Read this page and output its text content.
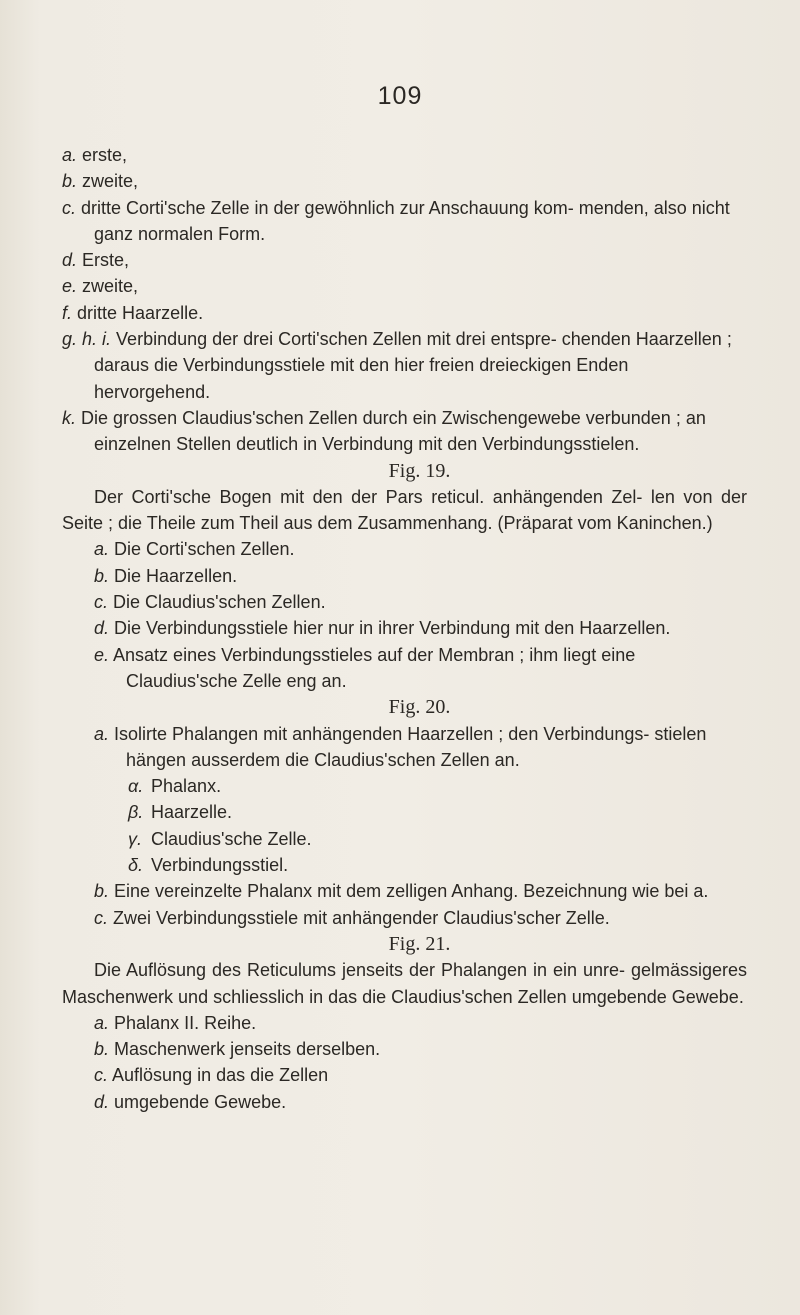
109

a. erste,

b. zweite,

c. dritte Corti'sche Zelle in der gewöhnlich zur Anschauung kom- menden, also nicht ganz normalen Form.

d. Erste,

e. zweite,

f. dritte Haarzelle.

g. h. i. Verbindung der drei Corti'schen Zellen mit drei entspre- chenden Haarzellen ; daraus die Verbindungsstiele mit den hier freien dreieckigen Enden hervorgehend.

k. Die grossen Claudius'schen Zellen durch ein Zwischengewebe verbunden ; an einzelnen Stellen deutlich in Verbindung mit den Verbindungsstielen.

Fig. 19.

Der Corti'sche Bogen mit den der Pars reticul. anhängenden Zel- len von der Seite ; die Theile zum Theil aus dem Zusammenhang. (Präparat vom Kaninchen.)

a. Die Corti'schen Zellen.

b. Die Haarzellen.

c. Die Claudius'schen Zellen.

d. Die Verbindungsstiele hier nur in ihrer Verbindung mit den Haarzellen.

e. Ansatz eines Verbindungsstieles auf der Membran ; ihm liegt eine Claudius'sche Zelle eng an.

Fig. 20.

a. Isolirte Phalangen mit anhängenden Haarzellen ; den Verbindungs- stielen hängen ausserdem die Claudius'schen Zellen an.

α. Phalanx.

β. Haarzelle.

γ. Claudius'sche Zelle.

δ. Verbindungsstiel.

b. Eine vereinzelte Phalanx mit dem zelligen Anhang. Bezeichnung wie bei a.

c. Zwei Verbindungsstiele mit anhängender Claudius'scher Zelle.

Fig. 21.

Die Auflösung des Reticulums jenseits der Phalangen in ein unre- gelmässigeres Maschenwerk und schliesslich in das die Claudius'schen Zellen umgebende Gewebe.

a. Phalanx II. Reihe.

b. Maschenwerk jenseits derselben.

c. Auflösung in das die Zellen

d. umgebende Gewebe.
